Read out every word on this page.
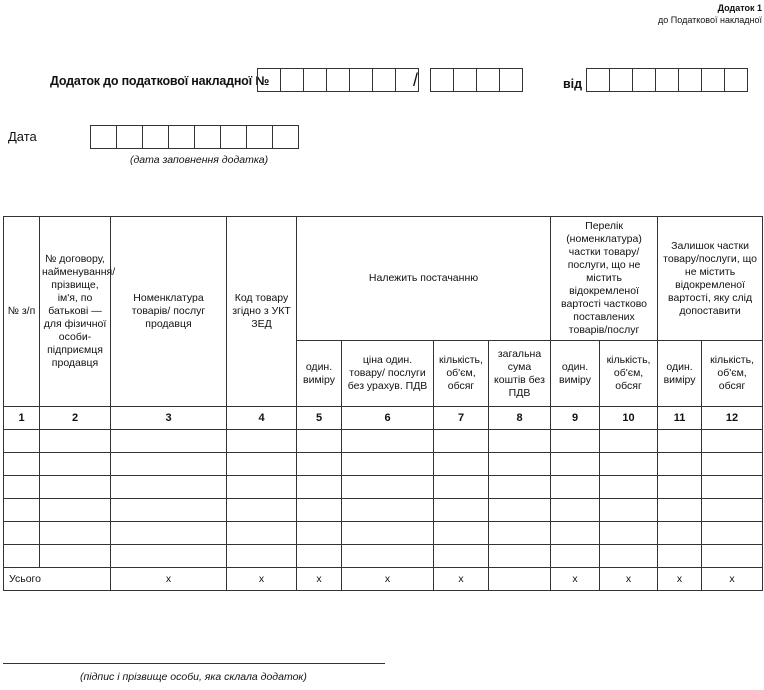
Додаток 1
до Податкової накладної
Додаток до податкової накладної №	/	від
Дата
(дата заповнення додатка)
№ з/п	№ договору, найменування/ прізвище, ім'я, по батькові — для фізичної особи- підприємця продавця	Номенклатура товарів/ послуг продавця	Код товару згідно з УКТ ЗЕД	Належить постачанню				Перелік (номенклатура) частки товару/послуги, що не містить відокремленої вартості частково поставлених товарів/послуг		Залишок частки товару/послуги, що не містить відокремленої вартості, яку слід допоставити	
				один. виміру	ціна один. товару/ послуги без урахув. ПДВ	кількість, об'єм, обсяг	загальна сума коштів без ПДВ	один. виміру	кількість, об'єм, обсяг	один. виміру	кількість, об'єм, обсяг
1	2	3	4	5	6	7	8	9	10	11	12

Усього		x	x	x	x	x		x	x	x	x
(підпис і прізвище особи, яка склала додаток)
